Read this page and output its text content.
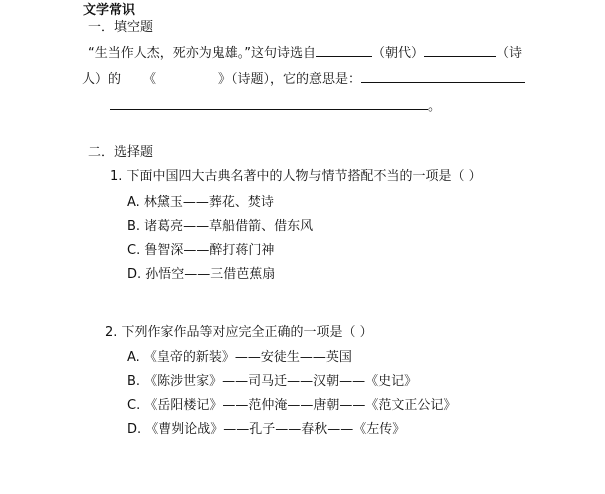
文学常识
一．填空题
“生当作人杰，死亦为鬼雄。”这句诗选自	（朝代）	（诗
人）的 《	》（诗题），它的意思是：
。
二．选择题
1. 下面中国四大古典名著中的人物与情节搭配不当的一项是（ ）
A. 林黛玉——葬花、焚诗
B. 诸葛亮——草船借箭、借东风
C. 鲁智深——醉打蒋门神
D. 孙悟空——三借芭蕉扇
2. 下列作家作品等对应完全正确的一项是（ ）
A. 《皇帝的新装》——安徒生——英国
B. 《陈涉世家》——司马迁——汉朝——《史记》
C. 《岳阳楼记》——范仲淹——唐朝——《范文正公记》
D. 《曹刿论战》——孔子——春秋——《左传》
